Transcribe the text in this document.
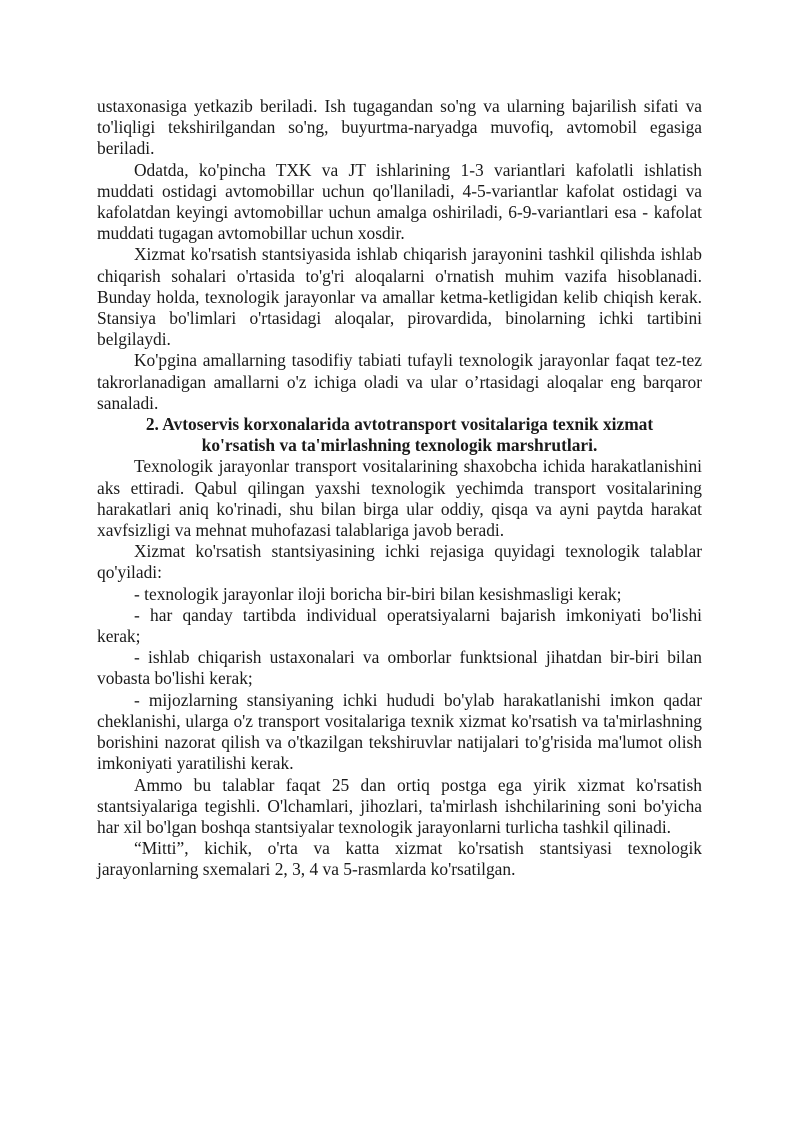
ustaxonasiga yetkazib beriladi. Ish tugagandan so'ng va ularning bajarilish sifati va to'liqligi tekshirilgandan so'ng, buyurtma-naryadga muvofiq, avtomobil egasiga beriladi.

Odatda, ko'pincha TXK va JT ishlarining 1-3 variantlari kafolatli ishlatish muddati ostidagi avtomobillar uchun qo'llaniladi, 4-5-variantlar kafolat ostidagi va kafolatdan keyingi avtomobillar uchun amalga oshiriladi, 6-9-variantlari esa - kafolat muddati tugagan avtomobillar uchun xosdir.

Xizmat ko'rsatish stantsiyasida ishlab chiqarish jarayonini tashkil qilishda ishlab chiqarish sohalari o'rtasida to'g'ri aloqalarni o'rnatish muhim vazifa hisoblanadi. Bunday holda, texnologik jarayonlar va amallar ketma-ketligidan kelib chiqish kerak. Stansiya bo'limlari o'rtasidagi aloqalar, pirovardida, binolarning ichki tartibini belgilaydi.

Ko'pgina amallarning tasodifiy tabiati tufayli texnologik jarayonlar faqat tez-tez takrorlanadigan amallarni o'z ichiga oladi va ular o’rtasidagi aloqalar eng barqaror sanaladi.

2. Avtoservis korxonalarida avtotransport vositalariga texnik xizmat
ko'rsatish va ta'mirlashning texnologik marshrutlari.

Texnologik jarayonlar transport vositalarining shaxobcha ichida harakatlanishini aks ettiradi. Qabul qilingan yaxshi texnologik yechimda transport vositalarining harakatlari aniq ko'rinadi, shu bilan birga ular oddiy, qisqa va ayni paytda harakat xavfsizligi va mehnat muhofazasi talablariga javob beradi.

Xizmat ko'rsatish stantsiyasining ichki rejasiga quyidagi texnologik talablar qo'yiladi:

- texnologik jarayonlar iloji boricha bir-biri bilan kesishmasligi kerak;

- har qanday tartibda individual operatsiyalarni bajarish imkoniyati bo'lishi kerak;

- ishlab chiqarish ustaxonalari va omborlar funktsional jihatdan bir-biri bilan vobasta bo'lishi kerak;

- mijozlarning stansiyaning ichki hududi bo'ylab harakatlanishi imkon qadar cheklanishi, ularga o'z transport vositalariga texnik xizmat ko'rsatish va ta'mirlashning borishini nazorat qilish va o'tkazilgan tekshiruvlar natijalari to'g'risida ma'lumot olish imkoniyati yaratilishi kerak.

Ammo bu talablar faqat 25 dan ortiq postga ega yirik xizmat ko'rsatish stantsiyalariga tegishli. O'lchamlari, jihozlari, ta'mirlash ishchilarining soni bo'yicha har xil bo'lgan boshqa stantsiyalar texnologik jarayonlarni turlicha tashkil qilinadi.

“Mitti”, kichik, o'rta va katta xizmat ko'rsatish stantsiyasi texnologik jarayonlarning sxemalari 2, 3, 4 va 5-rasmlarda ko'rsatilgan.
